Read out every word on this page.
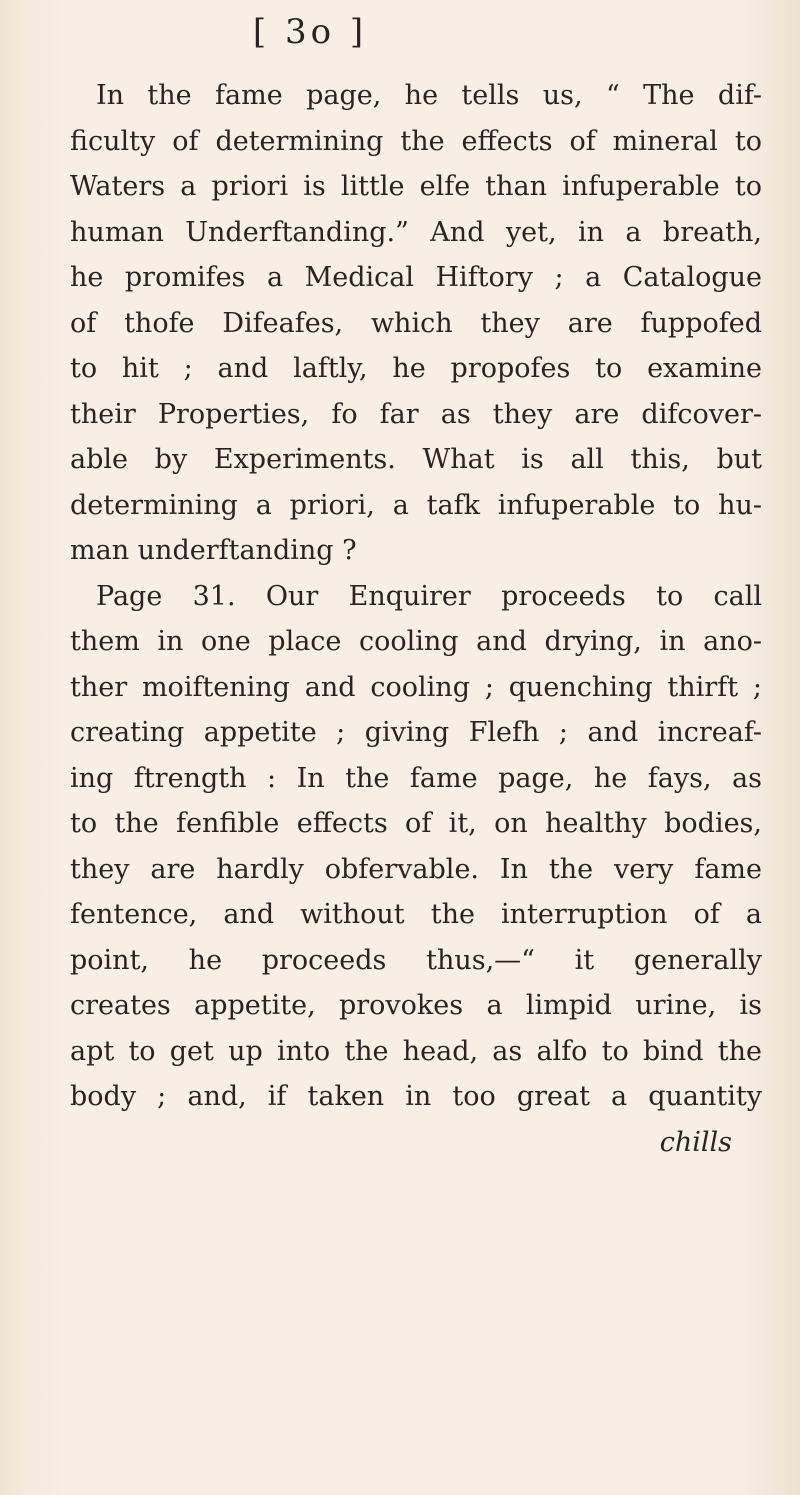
[ 3o ]
In the fame page, he tells us, “ The dif-
ficulty of determining the effects of mineral to
Waters a priori is little elfe than infuperable to
human Underftanding.” And yet, in a breath,
he promifes a Medical Hiftory ; a Catalogue
of thofe Difeafes, which they are fuppofed
to hit ; and laftly, he propofes to examine
their Properties, fo far as they are difcover-
able by Experiments. What is all this, but
determining a priori, a tafk infuperable to hu-
man underftanding ?
Page 31. Our Enquirer proceeds to call
them in one place cooling and drying, in ano-
ther moiftening and cooling ; quenching thirft ;
creating appetite ; giving Flefh ; and increaf-
ing ftrength : In the fame page, he fays, as
to the fenfible effects of it, on healthy bodies,
they are hardly obfervable. In the very fame
fentence, and without the interruption of a
point, he proceeds thus,—“ it generally
creates appetite, provokes a limpid urine, is
apt to get up into the head, as alfo to bind the
body ; and, if taken in too great a quantity
chills
